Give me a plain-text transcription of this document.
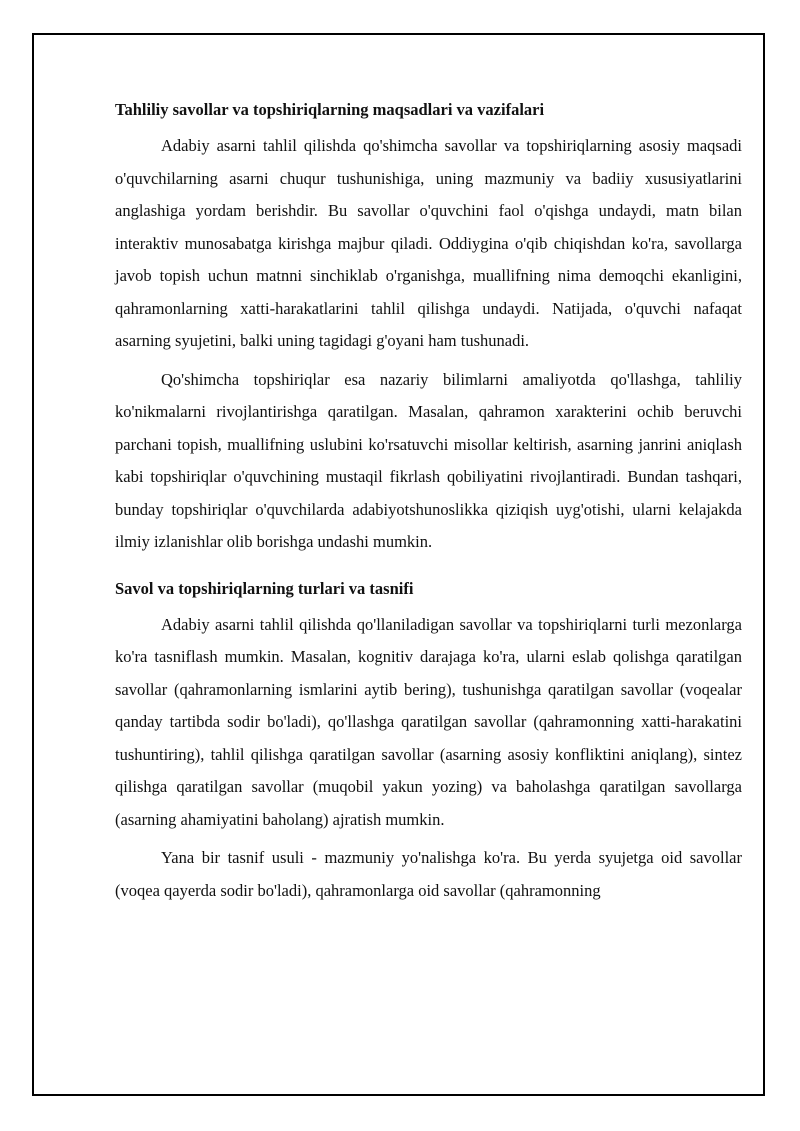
Tahliliy savollar va topshiriqlarning maqsadlari va vazifalari

Adabiy asarni tahlil qilishda qo'shimcha savollar va topshiriqlarning asosiy maqsadi o'quvchilarning asarni chuqur tushunishiga, uning mazmuniy va badiiy xususiyatlarini anglashiga yordam berishdir. Bu savollar o'quvchini faol o'qishga undaydi, matn bilan interaktiv munosabatga kirishga majbur qiladi. Oddiygina o'qib chiqishdan ko'ra, savollarga javob topish uchun matnni sinchiklab o'rganishga, muallifning nima demoqchi ekanligini, qahramonlarning xatti-harakatlarini tahlil qilishga undaydi. Natijada, o'quvchi nafaqat asarning syujetini, balki uning tagidagi g'oyani ham tushunadi.

Qo'shimcha topshiriqlar esa nazariy bilimlarni amaliyotda qo'llashga, tahliliy ko'nikmalarni rivojlantirishga qaratilgan. Masalan, qahramon xarakterini ochib beruvchi parchani topish, muallifning uslubini ko'rsatuvchi misollar keltirish, asarning janrini aniqlash kabi topshiriqlar o'quvchining mustaqil fikrlash qobiliyatini rivojlantiradi. Bundan tashqari, bunday topshiriqlar o'quvchilarda adabiyotshunoslikka qiziqish uyg'otishi, ularni kelajakda ilmiy izlanishlar olib borishga undashi mumkin.

Savol va topshiriqlarning turlari va tasnifi

Adabiy asarni tahlil qilishda qo'llaniladigan savollar va topshiriqlarni turli mezonlarga ko'ra tasniflash mumkin. Masalan, kognitiv darajaga ko'ra, ularni eslab qolishga qaratilgan savollar (qahramonlarning ismlarini aytib bering), tushunishga qaratilgan savollar (voqealar qanday tartibda sodir bo'ladi), qo'llashga qaratilgan savollar (qahramonning xatti-harakatini tushuntiring), tahlil qilishga qaratilgan savollar (asarning asosiy konfliktini aniqlang), sintez qilishga qaratilgan savollar (muqobil yakun yozing) va baholashga qaratilgan savollarga (asarning ahamiyatini baholang) ajratish mumkin.

Yana bir tasnif usuli - mazmuniy yo'nalishga ko'ra. Bu yerda syujetga oid savollar (voqea qayerda sodir bo'ladi), qahramonlarga oid savollar (qahramonning
